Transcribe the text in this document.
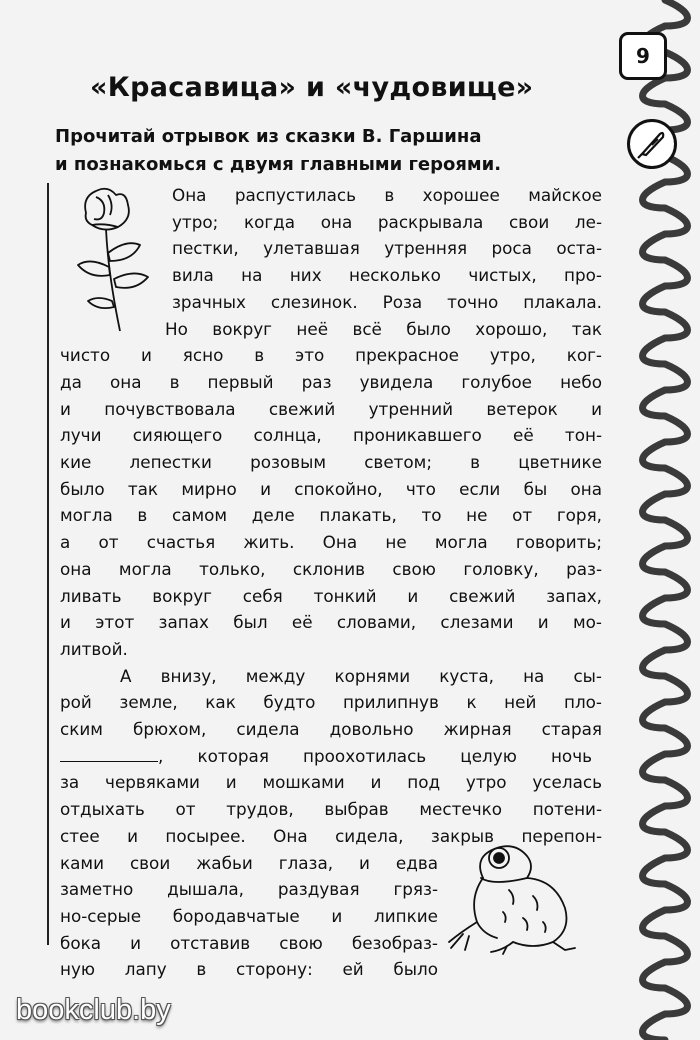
9
«Красавица» и «чудовище»
Прочитай отрывок из сказки В. Гаршина
и познакомься с двумя главными героями.
Она распустилась в хорошее майское
утро; когда она раскрывала свои ле-
пестки, улетавшая утренняя роса оста-
вила на них несколько чистых, про-
зрачных слезинок. Роза точно плакала.
Но вокруг неё всё было хорошо, так
чисто и ясно в это прекрасное утро, ког-
да она в первый раз увидела голубое небо
и почувствовала свежий утренний ветерок и
лучи сияющего солнца, проникавшего её тон-
кие лепестки розовым светом; в цветнике
было так мирно и спокойно, что если бы она
могла в самом деле плакать, то не от горя,
а от счастья жить. Она не могла говорить;
она могла только, склонив свою головку, раз-
ливать вокруг себя тонкий и свежий запах,
и этот запах был её словами, слезами и мо-
литвой.
А внизу, между корнями куста, на сы-
рой земле, как будто прилипнув к ней пло-
ским брюхом, сидела довольно жирная старая
, которая проохотилась целую ночь
за червяками и мошками и под утро уселась
отдыхать от трудов, выбрав местечко потени-
стее и посырее. Она сидела, закрыв перепон-
ками свои жабьи глаза, и едва
заметно дышала, раздувая гряз-
но-серые бородавчатые и липкие
бока и отставив свою безобраз-
ную лапу в сторону: ей было
bookclub.by
